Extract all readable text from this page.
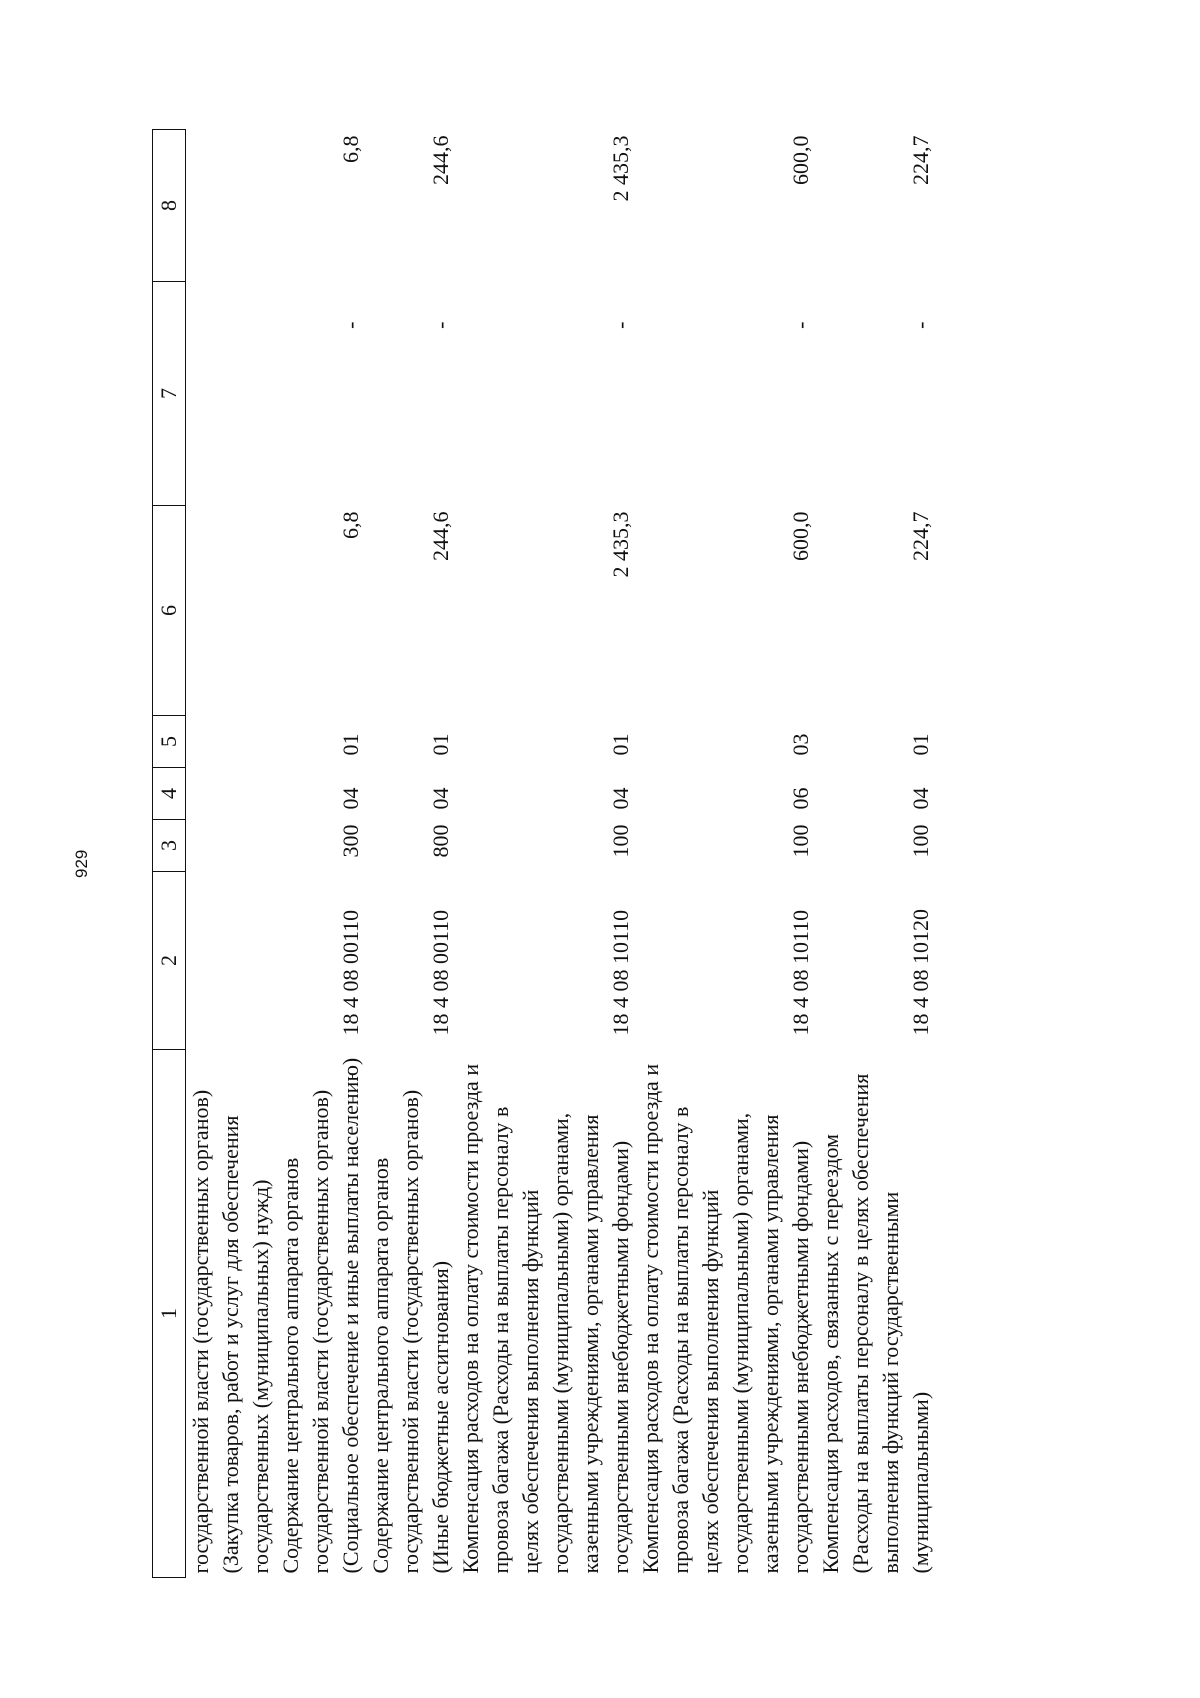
929
1	2	3	4	5	6	7	8
государственной власти (государственных органов) (Закупка товаров, работ и услуг для обеспечения государственных (муниципальных) нужд)							
Содержание центрального аппарата органов государственной власти (государственных органов) (Социальное обеспечение и иные выплаты населению)	18 4 08 00110	300	04	01	6,8	-	6,8
Содержание центрального аппарата органов государственной власти (государственных органов) (Иные бюджетные ассигнования)	18 4 08 00110	800	04	01	244,6	-	244,6
Компенсация расходов на оплату стоимости проезда и провоза багажа (Расходы на выплаты персоналу в целях обеспечения выполнения функций государственными (муниципальными) органами, казенными учреждениями, органами управления государственными внебюджетными фондами)	18 4 08 10110	100	04	01	2 435,3	-	2 435,3
Компенсация расходов на оплату стоимости проезда и провоза багажа (Расходы на выплаты персоналу в целях обеспечения выполнения функций государственными (муниципальными) органами, казенными учреждениями, органами управления государственными внебюджетными фондами)	18 4 08 10110	100	06	03	600,0	-	600,0
Компенсация расходов, связанных с переездом (Расходы на выплаты персоналу в целях обеспечения выполнения функций государственными (муниципальными)	18 4 08 10120	100	04	01	224,7	-	224,7
